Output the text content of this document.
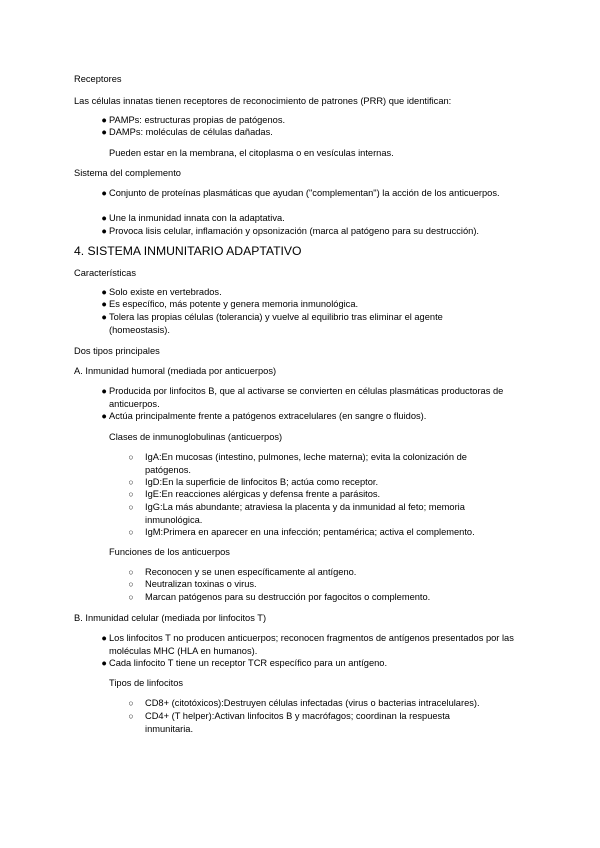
Receptores

Las células innatas tienen receptores de reconocimiento de patrones (PRR) que identifican:

● PAMPs: estructuras propias de patógenos.

● DAMPs: moléculas de células dañadas.

Pueden estar en la membrana, el citoplasma o en vesículas internas.

Sistema del complemento

● Conjunto de proteínas plasmáticas que ayudan ("complementan") la acción de los anticuerpos.

● Une la inmunidad innata con la adaptativa.

● Provoca lisis celular, inflamación y opsonización (marca al patógeno para su destrucción).

4. SISTEMA INMUNITARIO ADAPTATIVO

Características

● Solo existe en vertebrados.

● Es específico, más potente y genera memoria inmunológica.

● Tolera las propias células (tolerancia) y vuelve al equilibrio tras eliminar el agente (homeostasis).

Dos tipos principales

A. Inmunidad humoral (mediada por anticuerpos)

● Producida por linfocitos B, que al activarse se convierten en células plasmáticas productoras de anticuerpos.

● Actúa principalmente frente a patógenos extracelulares (en sangre o fluidos).

Clases de inmunoglobulinas (anticuerpos)

○	IgA:En mucosas (intestino, pulmones, leche materna); evita la colonización de patógenos.

○	IgD:En la superficie de linfocitos B; actúa como receptor.

○	IgE:En reacciones alérgicas y defensa frente a parásitos.

○	IgG:La más abundante; atraviesa la placenta y da inmunidad al feto; memoria inmunológica.

○	IgM:Primera en aparecer en una infección; pentamérica; activa el complemento.

Funciones de los anticuerpos

○	Reconocen y se unen específicamente al antígeno.

○	Neutralizan toxinas o virus.

○	Marcan patógenos para su destrucción por fagocitos o complemento.

B. Inmunidad celular (mediada por linfocitos T)

● Los linfocitos T no producen anticuerpos; reconocen fragmentos de antígenos presentados por las moléculas MHC (HLA en humanos).

● Cada linfocito T tiene un receptor TCR específico para un antígeno.

Tipos de linfocitos

○	CD8+ (citotóxicos):Destruyen células infectadas (virus o bacterias intracelulares).

○	CD4+ (T helper):Activan linfocitos B y macrófagos; coordinan la respuesta inmunitaria.
